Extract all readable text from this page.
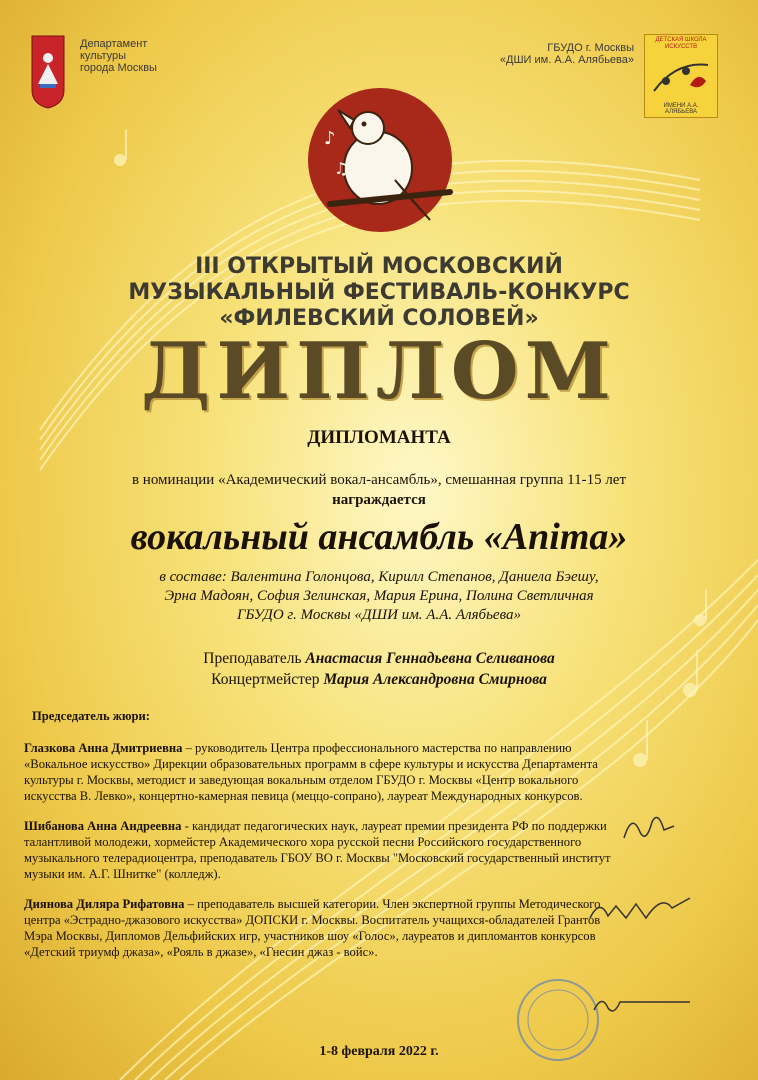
Департамент
культуры
города Москвы
ГБУДО г. Москвы
«ДШИ им. А.А. Алябьева»
ДЕТСКАЯ ШКОЛА ИСКУССТВ
ИМЕНИ А.А. АЛЯБЬЕВА
♪
♫
III ОТКРЫТЫЙ МОСКОВСКИЙ
МУЗЫКАЛЬНЫЙ ФЕСТИВАЛЬ-КОНКУРС
«ФИЛЕВСКИЙ СОЛОВЕЙ»
ДИПЛОМ
ДИПЛОМАНТА
в номинации «Академический вокал-ансамбль», смешанная группа 11-15 лет
награждается
вокальный ансамбль «Anima»
в составе: Валентина Голонцова, Кирилл Степанов, Даниела Бэешу,
Эрна Мадоян, София Зелинская, Мария Ерина, Полина Светличная
ГБУДО г. Москвы «ДШИ им. А.А. Алябьева»
Преподаватель Анастасия Геннадьевна Селиванова
Концертмейстер Мария Александровна Смирнова
Председатель жюри:

Глазкова Анна Дмитриевна – руководитель Центра профессионального мастерства по направлению «Вокальное искусство» Дирекции образовательных программ в сфере культуры и искусства Департамента культуры г. Москвы, методист и заведующая вокальным отделом ГБУДО г. Москвы «Центр вокального искусства В. Левко», концертно-камерная певица (меццо-сопрано), лауреат Международных конкурсов.

Шибанова Анна Андреевна - кандидат педагогических наук, лауреат премии президента РФ по поддержки талантливой молодежи, хормейстер Академического хора русской песни Российского государственного музыкального телерадиоцентра, преподаватель ГБОУ ВО г. Москвы "Московский государственный институт музыки им. А.Г. Шнитке" (колледж).

Диянова Диляра Рифатовна – преподаватель высшей категории. Член экспертной группы Методического центра «Эстрадно-джазового искусства» ДОПСКИ г. Москвы. Воспитатель учащихся-обладателей Грантов Мэра Москвы, Дипломов Дельфийских игр, участников шоу «Голос», лауреатов и дипломантов конкурсов «Детский триумф джаза», «Рояль в джазе», «Гнесин джаз - войс».

1-8 февраля 2022 г.
